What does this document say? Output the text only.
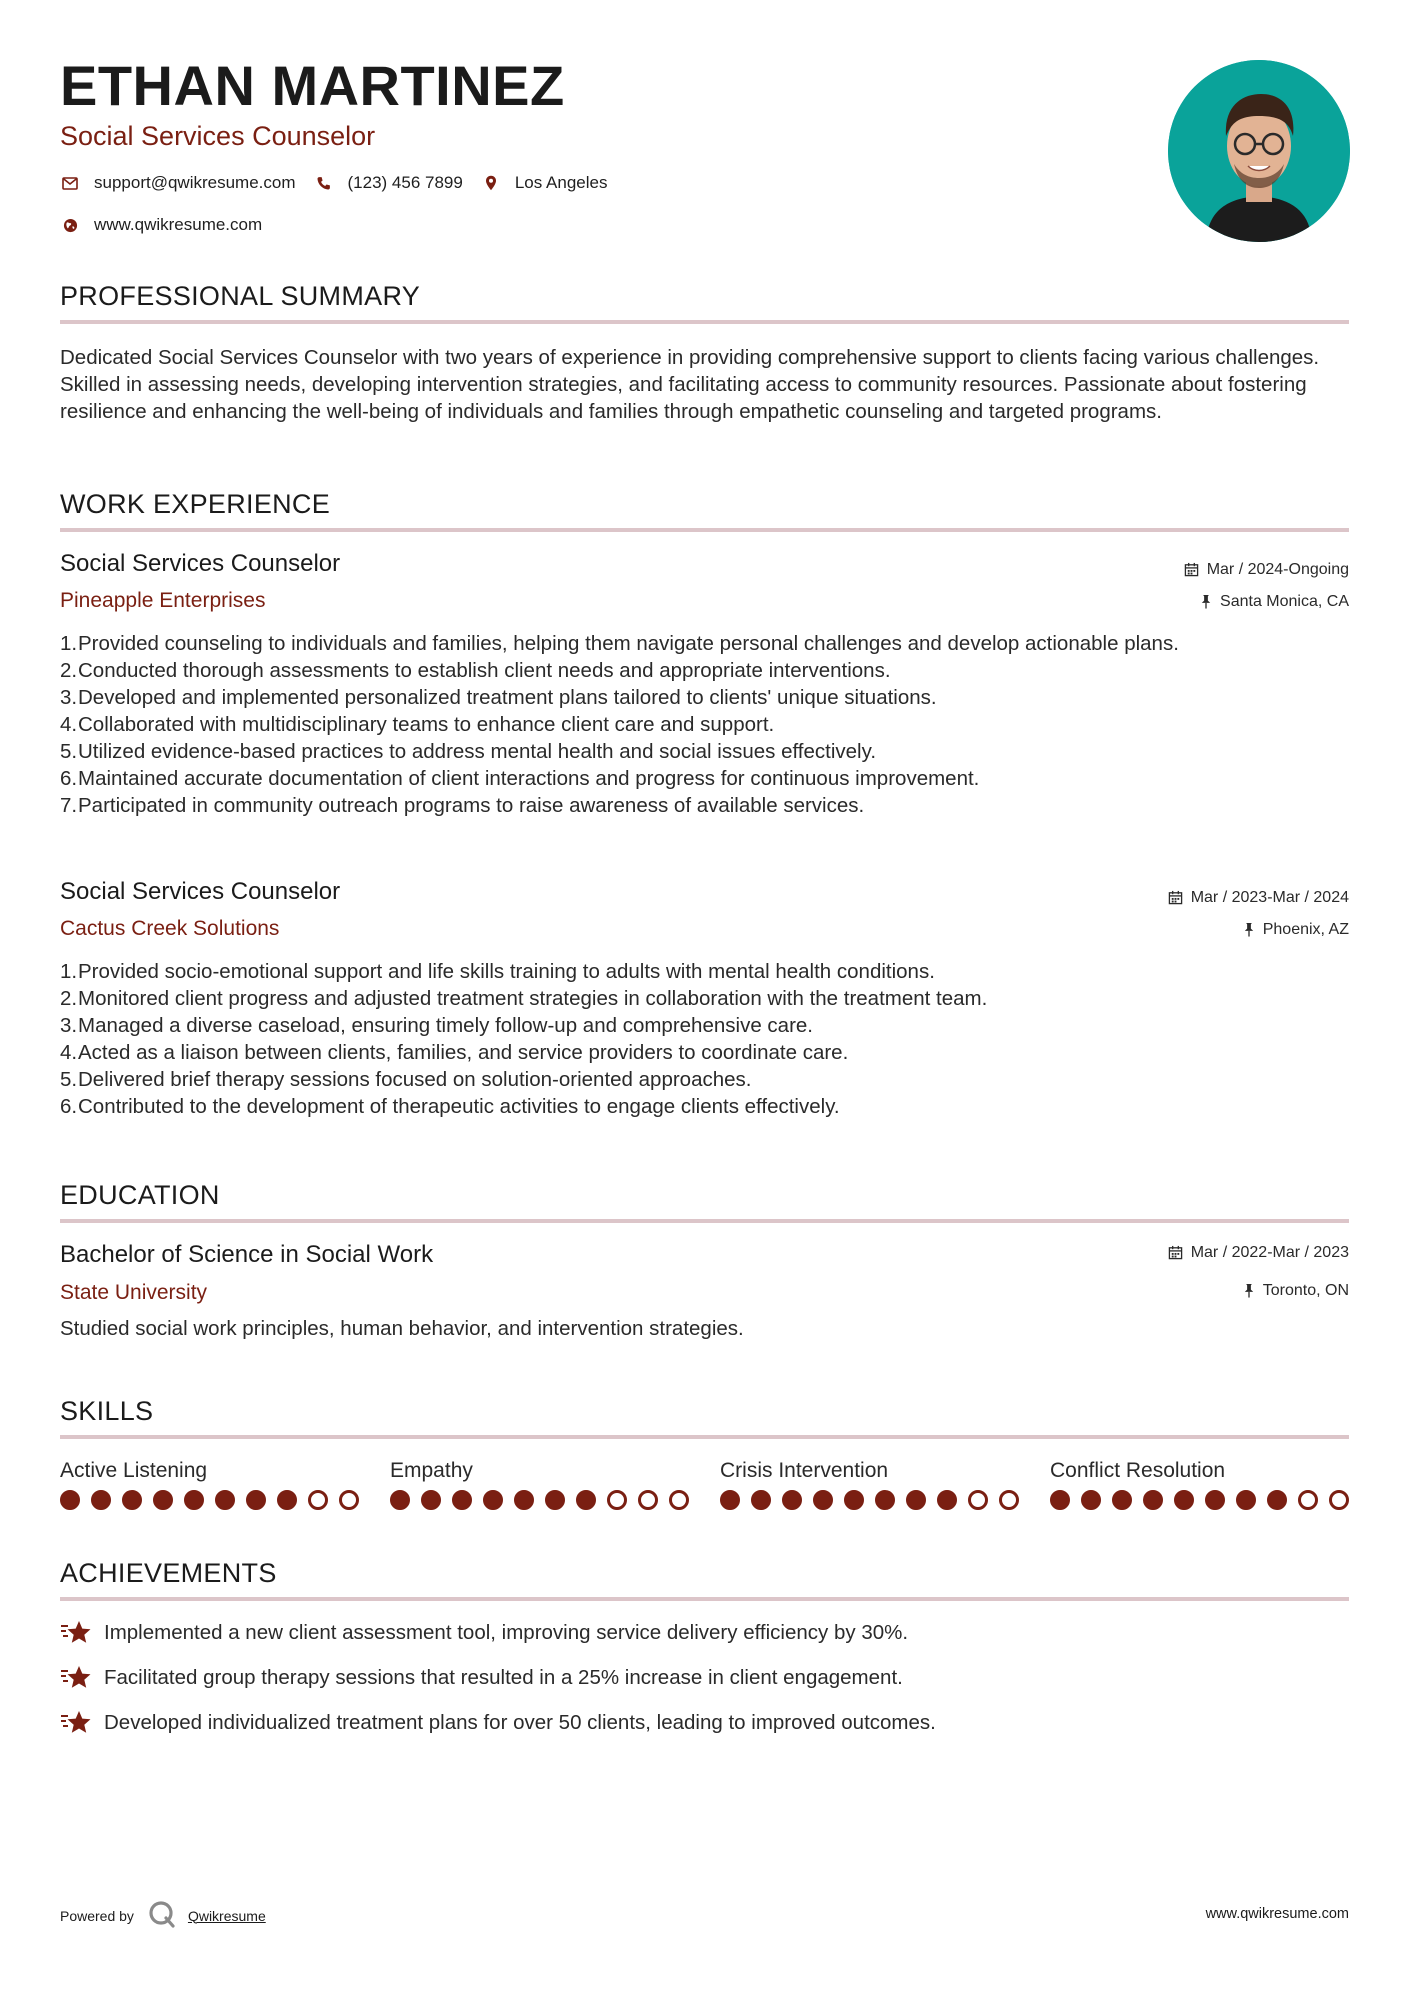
ETHAN MARTINEZ
Social Services Counselor
support@qwikresume.com	(123) 456 7899	Los Angeles
www.qwikresume.com
PROFESSIONAL SUMMARY
Dedicated Social Services Counselor with two years of experience in providing comprehensive support to clients facing various challenges. Skilled in assessing needs, developing intervention strategies, and facilitating access to community resources. Passionate about fostering resilience and enhancing the well-being of individuals and families through empathetic counseling and targeted programs.
WORK EXPERIENCE
Social Services Counselor
Pineapple Enterprises
Mar / 2024-Ongoing
Santa Monica, CA
1. Provided counseling to individuals and families, helping them navigate personal challenges and develop actionable plans.
2. Conducted thorough assessments to establish client needs and appropriate interventions.
3. Developed and implemented personalized treatment plans tailored to clients' unique situations.
4. Collaborated with multidisciplinary teams to enhance client care and support.
5. Utilized evidence-based practices to address mental health and social issues effectively.
6. Maintained accurate documentation of client interactions and progress for continuous improvement.
7. Participated in community outreach programs to raise awareness of available services.
Social Services Counselor
Cactus Creek Solutions
Mar / 2023-Mar / 2024
Phoenix, AZ
1. Provided socio-emotional support and life skills training to adults with mental health conditions.
2. Monitored client progress and adjusted treatment strategies in collaboration with the treatment team.
3. Managed a diverse caseload, ensuring timely follow-up and comprehensive care.
4. Acted as a liaison between clients, families, and service providers to coordinate care.
5. Delivered brief therapy sessions focused on solution-oriented approaches.
6. Contributed to the development of therapeutic activities to engage clients effectively.
EDUCATION
Bachelor of Science in Social Work
State University
Mar / 2022-Mar / 2023
Toronto, ON
Studied social work principles, human behavior, and intervention strategies.
SKILLS
Active Listening	Empathy	Crisis Intervention	Conflict Resolution
ACHIEVEMENTS
Implemented a new client assessment tool, improving service delivery efficiency by 30%.
Facilitated group therapy sessions that resulted in a 25% increase in client engagement.
Developed individualized treatment plans for over 50 clients, leading to improved outcomes.
Powered by	Qwikresume	www.qwikresume.com
